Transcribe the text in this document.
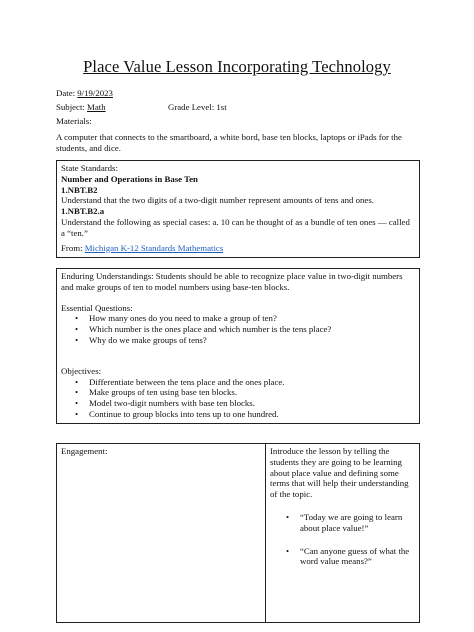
Place Value Lesson Incorporating Technology
Date: 9/19/2023
Subject: Math	Grade Level: 1st
Materials:
A computer that connects to the smartboard, a white bord, base ten blocks, laptops or iPads for the students, and dice.
State Standards:
Number and Operations in Base Ten
1.NBT.B2
Understand that the two digits of a two-digit number represent amounts of tens and ones.
1.NBT.B2.a
Understand the following as special cases: a. 10 can be thought of as a bundle of ten ones — called a “ten.”
From: Michigan K-12 Standards Mathematics
Enduring Understandings: Students should be able to recognize place value in two-digit numbers and make groups of ten to model numbers using base-ten blocks.
Essential Questions:
• How many ones do you need to make a group of ten?
• Which number is the ones place and which number is the tens place?
• Why do we make groups of tens?
Objectives:
• Differentiate between the tens place and the ones place.
• Make groups of ten using base ten blocks.
• Model two-digit numbers with base ten blocks.
• Continue to group blocks into tens up to one hundred.
Engagement:	Introduce the lesson by telling the students they are going to be learning about place value and defining some terms that will help their understanding of the topic.
• “Today we are going to learn about place value!”
• “Can anyone guess of what the word value means?”
